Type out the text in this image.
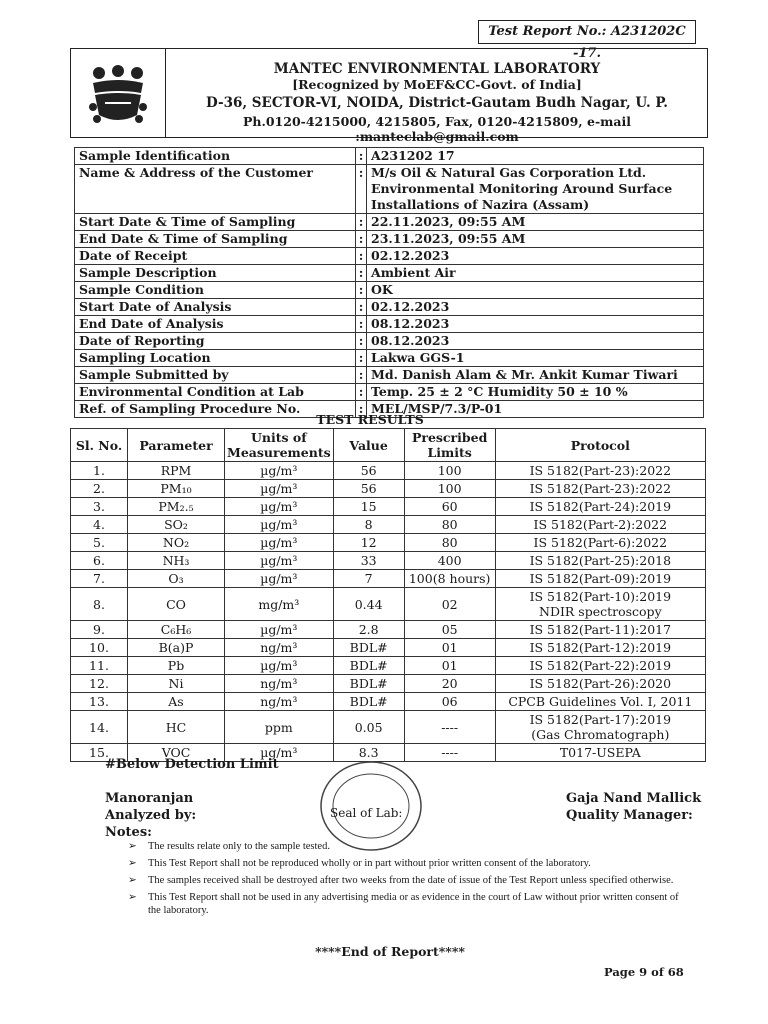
Test Report No.: A231202C -17.
MANTEC ENVIRONMENTAL LABORATORY
[Recognized by MoEF&CC-Govt. of India]
D-36, SECTOR-VI, NOIDA, District-Gautam Budh Nagar, U. P.
Ph.0120-4215000, 4215805, Fax, 0120-4215809, e-mail :manteclab@gmail.com
Sample Identification	:	A231202 17
Name & Address of the Customer	:	M/s Oil & Natural Gas Corporation Ltd.
Environmental Monitoring Around Surface
Installations of Nazira (Assam)

Start Date & Time of Sampling	:	22.11.2023, 09:55 AM
End Date & Time of Sampling	:	23.11.2023, 09:55 AM
Date of Receipt	:	02.12.2023
Sample Description	:	Ambient Air
Sample Condition	:	OK
Start Date of Analysis	:	02.12.2023
End Date of Analysis	:	08.12.2023
Date of Reporting	:	08.12.2023
Sampling Location	:	Lakwa GGS-1
Sample Submitted by	:	Md. Danish Alam & Mr. Ankit Kumar Tiwari
Environmental Condition at Lab	:	Temp. 25 ± 2 °C Humidity 50 ± 10 %
Ref. of Sampling Procedure No.	:	MEL/MSP/7.3/P-01
TEST RESULTS
Sl. No.	Parameter	Units of Measurements	Value	Prescribed Limits	Protocol
1.	RPM	µg/m³	56	100	IS 5182(Part-23):2022

2.	PM₁₀	µg/m³	56	100	IS 5182(Part-23):2022

3.	PM₂.₅	µg/m³	15	60	IS 5182(Part-24):2019

4.	SO₂	µg/m³	8	80	IS 5182(Part-2):2022

5.	NO₂	µg/m³	12	80	IS 5182(Part-6):2022

6.	NH₃	µg/m³	33	400	IS 5182(Part-25):2018

7.	O₃	µg/m³	7	100(8 hours)	IS 5182(Part-09):2019

8.	CO	mg/m³	0.44	02	IS 5182(Part-10):2019
NDIR spectroscopy

9.	C₆H₆	µg/m³	2.8	05	IS 5182(Part-11):2017

10.	B(a)P	ng/m³	BDL#	01	IS 5182(Part-12):2019

11.	Pb	µg/m³	BDL#	01	IS 5182(Part-22):2019

12.	Ni	ng/m³	BDL#	20	IS 5182(Part-26):2020

13.	As	ng/m³	BDL#	06	CPCB Guidelines Vol. I, 2011

14.	HC	ppm	0.05	----	IS 5182(Part-17):2019
(Gas Chromatograph)

15.	VOC	µg/m³	8.3	----	T017-USEPA
#Below Detection Limit
Manoranjan
Analyzed by:
Notes:
Seal of Lab:
Gaja Nand Mallick
Quality Manager:
➢ The results relate only to the sample tested.
➢ This Test Report shall not be reproduced wholly or in part without prior written consent of the laboratory.
➢ The samples received shall be destroyed after two weeks from the date of issue of the Test Report unless specified otherwise.
➢ This Test Report shall not be used in any advertising media or as evidence in the court of Law without prior written consent of the laboratory.
****End of Report****
Page 9 of 68
